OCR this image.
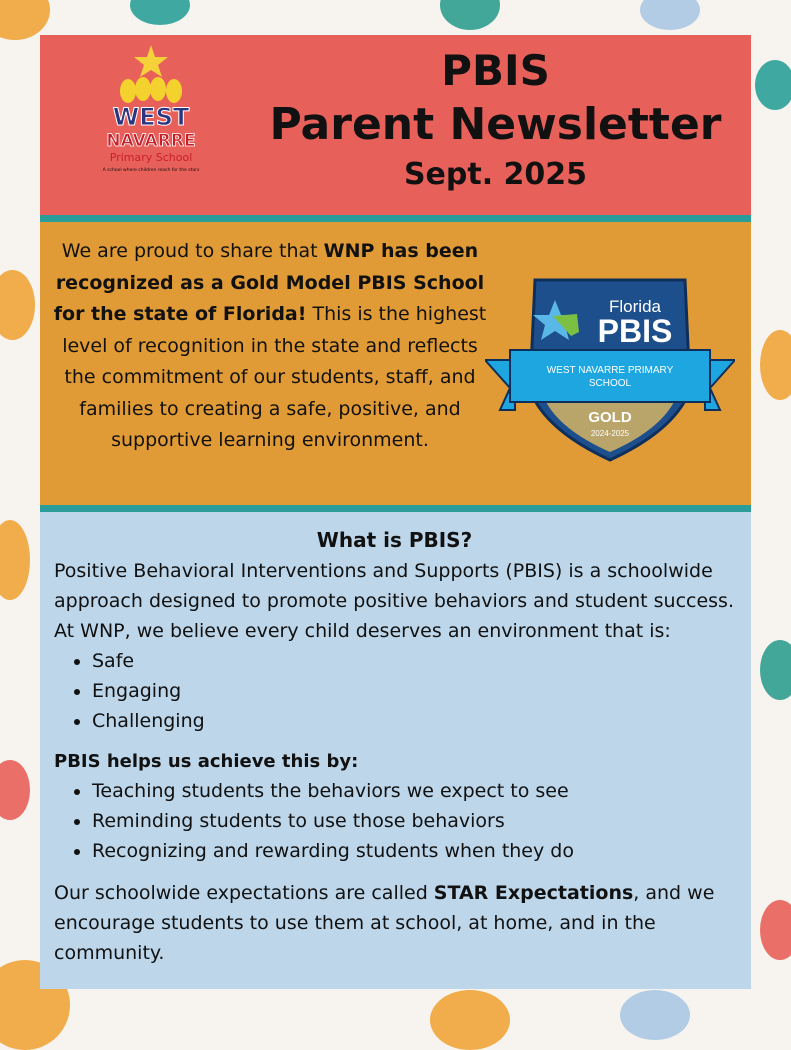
WEST
NAVARRE
Primary School
A school where children reach for the stars
PBIS
Parent Newsletter
Sept. 2025

We are proud to share that WNP has been recognized as a Gold Model PBIS School for the state of Florida! This is the highest level of recognition in the state and reflects the commitment of our students, staff, and families to creating a safe, positive, and supportive learning environment.

Florida
PBIS
WEST NAVARRE PRIMARY
SCHOOL
GOLD
2024-2025
What is PBIS?

Positive Behavioral Interventions and Supports (PBIS) is a schoolwide approach designed to promote positive behaviors and student success. At WNP, we believe every child deserves an environment that is:

• Safe
• Engaging
• Challenging
PBIS helps us achieve this by:
• Teaching students the behaviors we expect to see
• Reminding students to use those behaviors
• Recognizing and rewarding students when they do

Our schoolwide expectations are called STAR Expectations, and we encourage students to use them at school, at home, and in the community.
